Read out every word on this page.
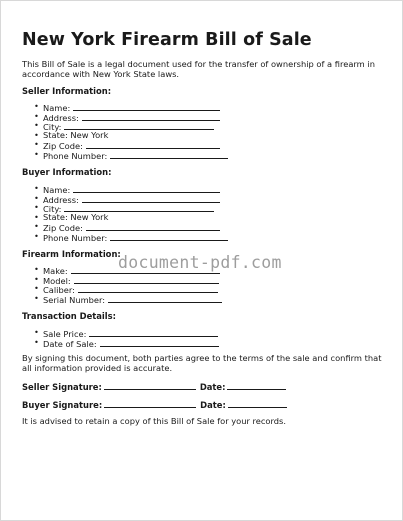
New York Firearm Bill of Sale
This Bill of Sale is a legal document used for the transfer of ownership of a firearm in accordance with New York State laws.
Seller Information:
• Name:
• Address:
• City:
• State: New York
• Zip Code:
• Phone Number:
Buyer Information:
• Name:
• Address:
• City:
• State: New York
• Zip Code:
• Phone Number:
Firearm Information:
• Make:
• Model:
• Caliber:
• Serial Number:
Transaction Details:
• Sale Price:
• Date of Sale:
By signing this document, both parties agree to the terms of the sale and confirm that all information provided is accurate.
Seller Signature:	Date:
Buyer Signature:	Date:
It is advised to retain a copy of this Bill of Sale for your records.
document-pdf.com
